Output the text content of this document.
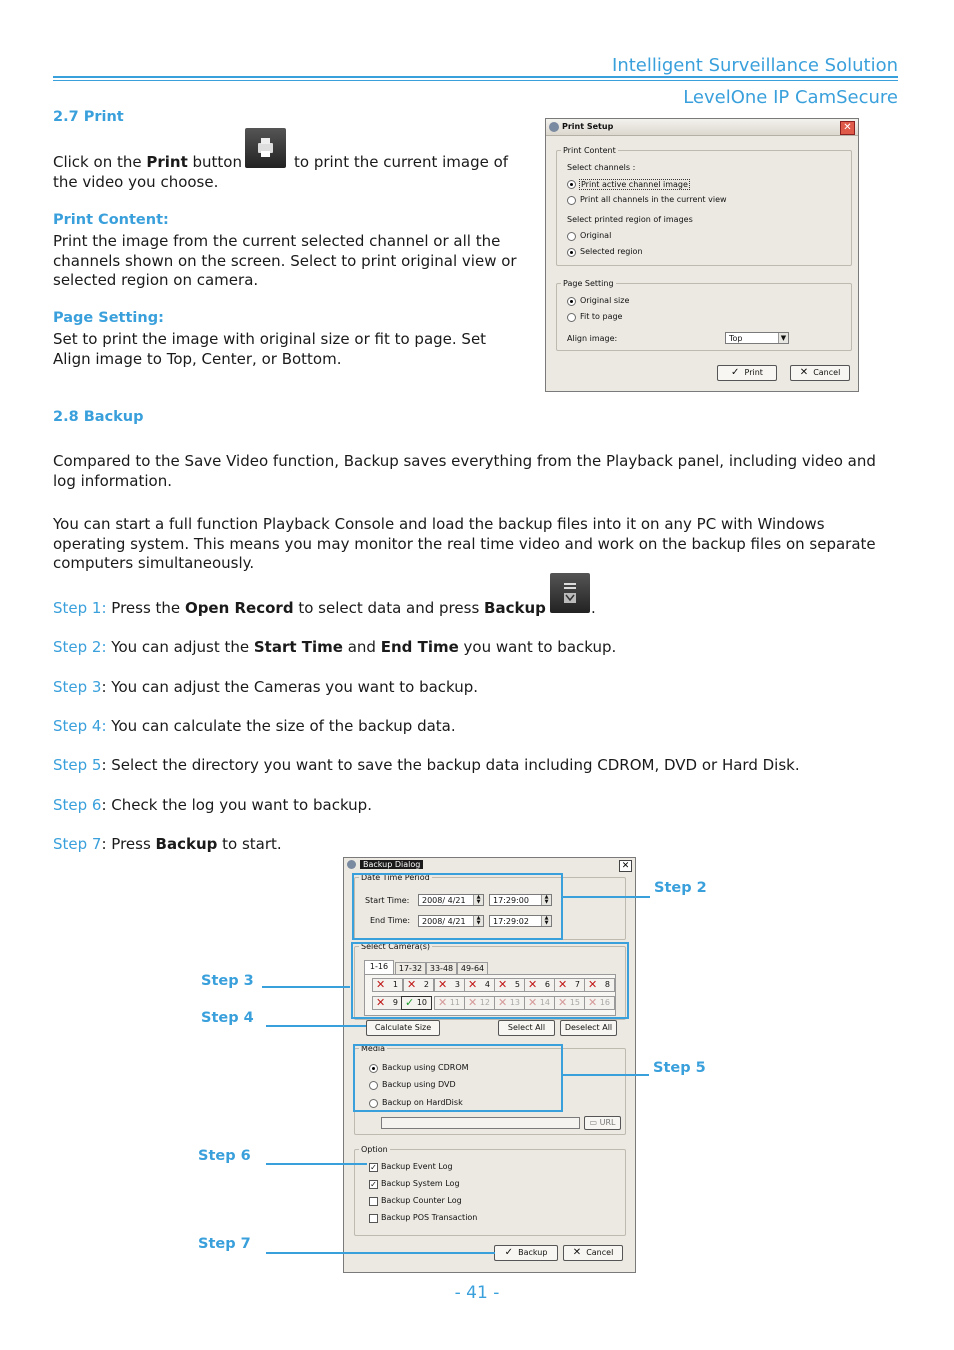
Intelligent Surveillance Solution
LevelOne IP CamSecure
2.7 Print
Click on the Print button	to print the current image of
the video you choose.
Print Content:
Print the image from the current selected channel or all the channels shown on the screen. Select to print original view or selected region on camera.
Page Setting:
Set to print the image with original size or fit to page. Set Align image to Top, Center, or Bottom.
Print Setup	✕
Print Content
Select channels :
Print active channel image
Print all channels in the current view
Select printed region of images
Original
Selected region
Page Setting
Original size
Fit to page
Align image:	Top	▼
✓ Print	✕ Cancel
2.8 Backup
Compared to the Save Video function, Backup saves everything from the Playback panel, including video and log information.
You can start a full function Playback Console and load the backup files into it on any PC with Windows operating system. This means you may monitor the real time video and work on the backup files on separate computers simultaneously.
Step 1: Press the Open Record to select data and press Backup	.
Step 2: You can adjust the Start Time and End Time you want to backup.
Step 3: You can adjust the Cameras you want to backup.
Step 4: You can calculate the size of the backup data.
Step 5: Select the directory you want to save the backup data including CDROM, DVD or Hard Disk.
Step 6: Check the log you want to backup.
Step 7: Press Backup to start.
Backup Dialog	✕
Date Time Period
Start Time:	2008/ 4/21	▲
▼	17:29:00	▲
▼
End Time:	2008/ 4/21	▲
▼	17:29:02	▲
▼
Select Camera(s)
1-16	17-32 33-48 49-64
✕ 1 ✕ 2 ✕ 3 ✕ 4 ✕ 5 ✕ 6 ✕ 7 ✕ 8
✕ 9 ✓ 10 ✕ 11 ✕ 12 ✕ 13 ✕ 14 ✕ 15 ✕ 16
Calculate Size	Select All	Deselect All
Media
Backup using CDROM
Backup using DVD
Backup on HardDisk
▭ URL
Option
✓ Backup Event Log
✓ Backup System Log
Backup Counter Log
Backup POS Transaction
✓ Backup	✕ Cancel
Step 2
Step 3
Step 4
Step 5
Step 6
Step 7
- 41 -
